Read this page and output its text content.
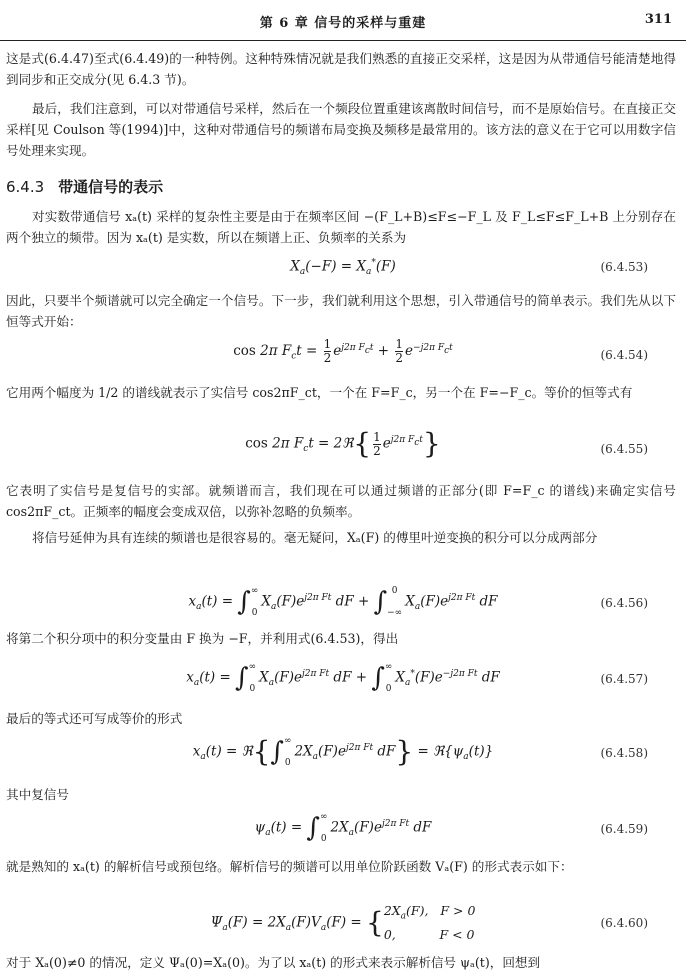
第 6 章 信号的采样与重建	311
这是式(6.4.47)至式(6.4.49)的一种特例。这种特殊情况就是我们熟悉的直接正交采样，这是因为从带通信号能清楚地得到同步和正交成分(见 6.4.3 节)。
最后，我们注意到，可以对带通信号采样，然后在一个频段位置重建该离散时间信号，而不是原始信号。在直接正交采样[见 Coulson 等(1994)]中，这种对带通信号的频谱布局变换及频移是最常用的。该方法的意义在于它可以用数字信号处理来实现。
6.4.3 带通信号的表示
对实数带通信号 xₐ(t) 采样的复杂性主要是由于在频率区间 −(F_L+B)≤F≤−F_L 及 F_L≤F≤F_L+B 上分别存在两个独立的频带。因为 xₐ(t) 是实数，所以在频谱上正、负频率的关系为
$X_a(-F) = X_a^*(F)$	(6.4.53)
因此，只要半个频谱就可以完全确定一个信号。下一步，我们就利用这个思想，引入带通信号的简单表示。我们先从以下恒等式开始：
cos 2π $F_ct = \frac{1}{2} e^{j2\pi F_ct} + \frac{1}{2} e^{-j2\pi F_ct}$
(6.4.54)
它用两个幅度为 1/2 的谱线就表示了实信号 cos2πF_ct，一个在 F=F_c，另一个在 F=−F_c。等价的恒等式有
cos 2π $F_ct$ = 2ℜ{ $\frac{1}{2} e^{j2\pi F_ct}$}	(6.4.55)
它表明了实信号是复信号的实部。就频谱而言，我们现在可以通过频谱的正部分(即 F=F_c 的谱线)来确定实信号 cos2πF_ct。正频率的幅度会变成双倍，以弥补忽略的负频率。
将信号延伸为具有连续的频谱也是很容易的。毫无疑问，Xₐ(F) 的傅里叶逆变换的积分可以分成两部分
$x_a(t)$ = ∫ ∞
0
$X_a(F)e^{j2\pi Ft}$ dF + ∫ 0
−∞
$X_a(F)e^{j2\pi Ft}$ dF	(6.4.56)
将第二个积分项中的积分变量由 F 换为 −F，并利用式(6.4.53)，得出
$x_a(t)$ = ∫ ∞
0
$X_a(F)e^{j2\pi Ft}$ dF + ∫ ∞
0
$X_a^*(F)e^{-j2\pi Ft}$ dF	(6.4.57)
最后的等式还可写成等价的形式
$x_a(t)$ = ℜ{∫ ∞
0
$2X_a(F)e^{j2\pi Ft}$ $dF\} = ℜ\{\psi_a(t)\}$	(6.4.58)
其中复信号
$\psi_a(t)$ = ∫ ∞
0
$2X_a(F)e^{j2\pi Ft}$ dF	(6.4.59)
就是熟知的 xₐ(t) 的解析信号或预包络。解析信号的频谱可以用单位阶跃函数 Vₐ(F) 的形式表示如下：
$\Psi_a(F) = 2X_a(F)V_a(F)$ = { $2X_a(F)$,   F > 0
0,           F < 0
(6.4.60)
对于 Xₐ(0)≠0 的情况，定义 Ψₐ(0)=Xₐ(0)。为了以 xₐ(t) 的形式来表示解析信号 ψₐ(t)，回想到
